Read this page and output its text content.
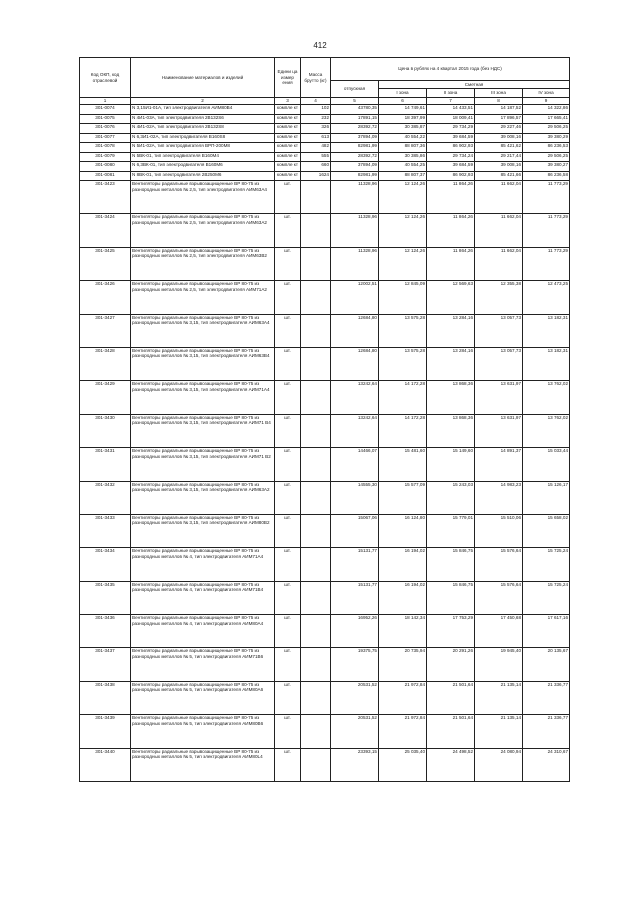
412
Код ОКП, код отраслевой	Наименование материалов и изделий	Едини ца измер ения	Масса брутто (кг)	Цена в рублях на 4 квартал 2015 года (без НДС)				
				отпускная	Сметная			
					I зона	II зона	III зона	IV зона
1	2	3	4	5	6	7	8	9
301-0074	N 3,15И1-01А, тип электродвигателя АИМ80В4	компле кт	102	43780,35	14 749,61	14 433,51	14 187,52	14 322,86
301-0075	N 4И1-03А, тип электродвигателя 2В132S6	компле кт	232	17891,15	18 397,99	18 009,41	17 896,57	17 665,41
301-0076	N 4И1-02А, тип электродвигателя 2В132S8	компле кт	326	28392,72	30 385,87	29 734,29	29 227,46	29 506,25
301-0077	N 6,3И1-02А, тип электродвигателя В160S8	компле кт	613	37894,09	40 554,22	39 684,59	39 008,16	39 380,29
301-0078	N 5И1-02А, тип электродвигателя ВРП-200М8	компле кт	482	82981,99	88 807,36	86 902,93	85 421,62	86 236,53
301-0079	N 5ВК-01, тип электродвигателя В160М4	компле кт	555	28392,72	30 385,86	29 734,24	29 217,44	29 506,25
301-0080	N 6,3ВК-01, тип электродвигателя В160М6	компле кт	660	37894,09	40 554,25	39 684,59	39 008,16	39 380,27
301-0081	N 8ВК-01, тип электродвигателя 2В250М6	компле кт	1624	82981,99	88 807,37	86 902,93	85 421,66	86 236,58
301-3423	Вентиляторы радиальные взрывозащищенные ВР 80-75 из разнородных металлов № 2,5, тип электродвигателя АИМ63А4	шт.		11328,96	12 124,26	11 864,26	11 662,04	11 773,29
301-3424	Вентиляторы радиальные взрывозащищенные ВР 80-75 из разнородных металлов № 2,5, тип электродвигателя АИМ63А2	шт.		11328,96	12 124,26	11 864,26	11 662,04	11 773,29
301-3425	Вентиляторы радиальные взрывозащищенные ВР 80-75 из разнородных металлов № 2,5, тип электродвигателя АИМ63В2	шт.		11328,96	12 124,26	11 864,26	11 662,04	11 773,29
301-3426	Вентиляторы радиальные взрывозащищенные ВР 80-75 из разнородных металлов № 2,5, тип электродвигателя АИМ71А2	шт.		12002,51	12 845,09	12 569,63	12 355,38	12 473,25
301-3427	Вентиляторы радиальные взрывозащищенные ВР 80-75 из разнородных металлов № 3,15, тип электродвигателя АИМ63А4	шт.		12684,80	13 575,28	13 284,16	13 057,73	13 182,31
301-3428	Вентиляторы радиальные взрывозащищенные ВР 80-75 из разнородных металлов № 3,15, тип электродвигателя АИМ63В4	шт.		12684,80	13 575,28	13 284,16	13 057,73	13 182,31
301-3429	Вентиляторы радиальные взрывозащищенные ВР 80-75 из разнородных металлов № 3,15, тип электродвигателя АИМ71А4	шт.		13242,64	14 172,28	13 868,36	13 631,97	13 762,02
301-3430	Вентиляторы радиальные взрывозащищенные ВР 80-75 из разнородных металлов № 3,15, тип электродвигателя АИМ71 В4	шт.		13242,64	14 172,28	13 868,36	13 631,97	13 762,02
301-3431	Вентиляторы радиальные взрывозащищенные ВР 80-75 из разнородных металлов № 3,15, тип электродвигателя АИМ71 В2	шт.		14466,07	15 481,60	15 149,60	14 891,37	15 033,44
301-3432	Вентиляторы радиальные взрывозащищенные ВР 80-75 из разнородных металлов № 3,15, тип электродвигателя АИМ63А2	шт.		14555,30	15 577,09	15 243,03	14 983,23	15 126,17
301-3433	Вентиляторы радиальные взрывозащищенные ВР 80-75 из разнородных металлов № 3,15, тип электродвигателя АИМ80В2	шт.		15067,06	16 124,80	15 779,01	15 510,06	15 658,02
301-3434	Вентиляторы радиальные взрывозащищенные ВР 80-75 из разнородных металлов № 4, тип электродвигателя АИМ71А4	шт.		15131,77	16 194,02	15 846,75	15 576,64	15 725,24
301-3435	Вентиляторы радиальные взрывозащищенные ВР 80-75 из разнородных металлов № 4, тип электродвигателя АИМ71В4	шт.		15131,77	16 194,02	15 846,75	15 576,64	15 725,24
301-3436	Вентиляторы радиальные взрывозащищенные ВР 80-75 из разнородных металлов № 4, тип электродвигателя АИМ80А4	шт.		16952,26	18 142,34	17 753,29	17 450,68	17 617,16
301-3437	Вентиляторы радиальные взрывозащищенные ВР 80-75 из разнородных металлов № 5, тип электродвигателя АИМ71В6	шт.		19375,75	20 735,94	20 291,26	19 945,40	20 135,67
301-3438	Вентиляторы радиальные взрывозащищенные ВР 80-75 из разнородных металлов № 5, тип электродвигателя АИМ80А6	шт.		20531,52	21 972,84	21 501,64	21 135,14	21 336,77
301-3439	Вентиляторы радиальные взрывозащищенные ВР 80-75 из разнородных металлов № 5, тип электродвигателя АИМ80В6	шт.		20531,52	21 972,84	21 501,64	21 135,14	21 336,77
301-3440	Вентиляторы радиальные взрывозащищенные ВР 80-75 из разнородных металлов № 5, тип электродвигателя АИМ80L4	шт.		23393,15	25 035,40	24 498,52	24 080,94	24 310,67
